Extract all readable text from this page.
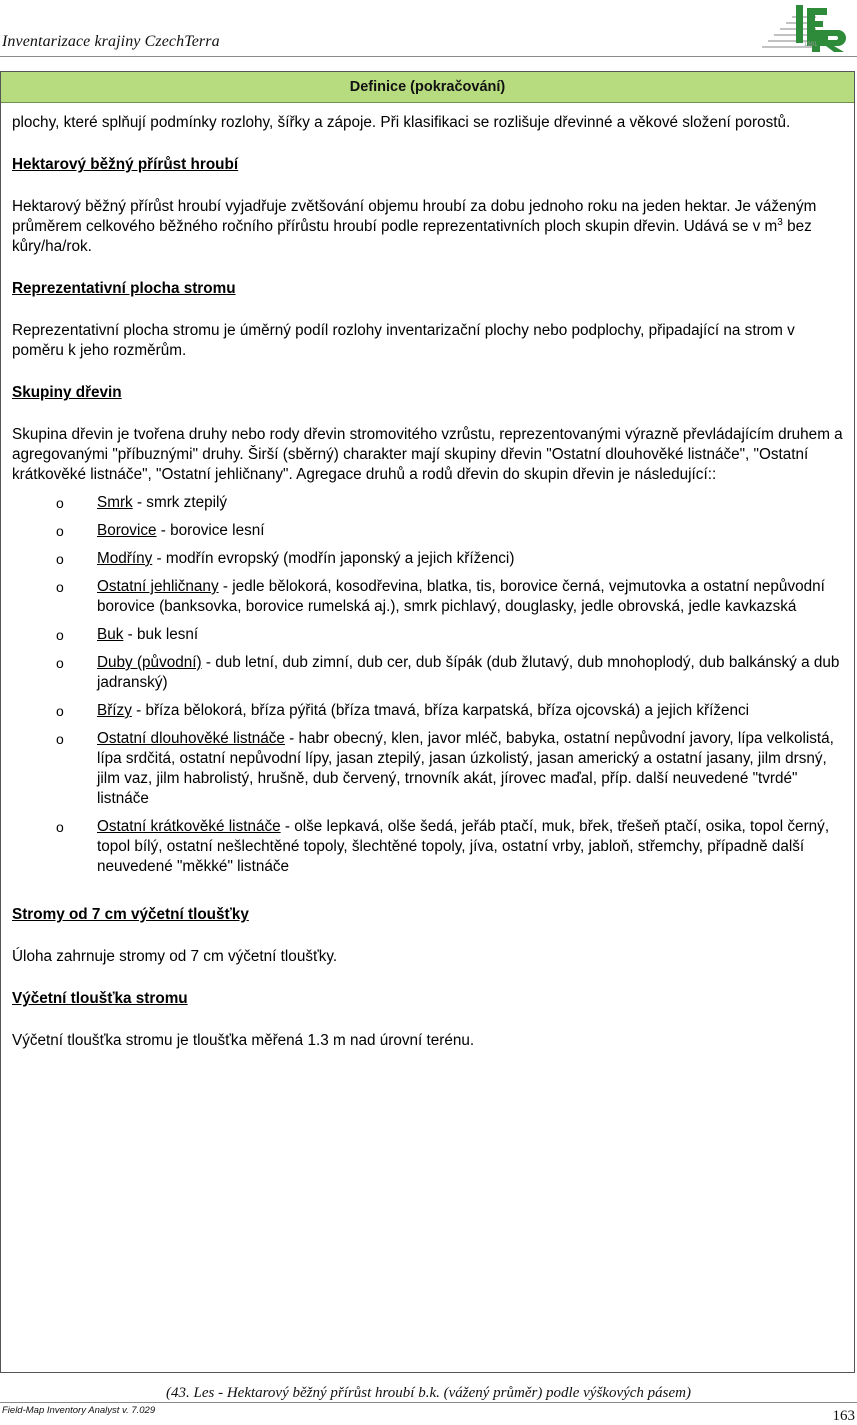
Inventarizace krajiny CzechTerra	1991
Definice (pokračování)

plochy, které splňují podmínky rozlohy, šířky a zápoje. Při klasifikaci se rozlišuje dřevinné a věkové složení porostů.

Hektarový běžný přírůst hroubí

Hektarový běžný přírůst hroubí vyjadřuje zvětšování objemu hroubí za dobu jednoho roku na jeden hektar. Je váženým průměrem celkového běžného ročního přírůstu hroubí podle reprezentativních ploch skupin dřevin. Udává se v $m^3$ bez kůry/ha/rok.

Reprezentativní plocha stromu

Reprezentativní plocha stromu je úměrný podíl rozlohy inventarizační plochy nebo podplochy, připadající na strom v poměru k jeho rozměrům.

Skupiny dřevin

Skupina dřevin je tvořena druhy nebo rody dřevin stromovitého vzrůstu, reprezentovanými výrazně převládajícím druhem a agregovanými "příbuznými" druhy. Širší (sběrný) charakter mají skupiny dřevin "Ostatní dlouhověké listnáče", "Ostatní krátkověké listnáče", "Ostatní jehličnany". Agregace druhů a rodů dřevin do skupin dřevin je následující::

o Smrk - smrk ztepilý
o Borovice - borovice lesní
o Modříny - modřín evropský (modřín japonský a jejich kříženci)
o Ostatní jehličnany - jedle bělokorá, kosodřevina, blatka, tis, borovice černá, vejmutovka a ostatní nepůvodní borovice (banksovka, borovice rumelská aj.), smrk pichlavý, douglasky, jedle obrovská, jedle kavkazská
o Buk - buk lesní
o Duby (původní) - dub letní, dub zimní, dub cer, dub šípák (dub žlutavý, dub mnohoplodý, dub balkánský a dub jadranský)
o Břízy - bříza bělokorá, bříza pýřitá (bříza tmavá, bříza karpatská, bříza ojcovská) a jejich kříženci
o Ostatní dlouhověké listnáče - habr obecný, klen, javor mléč, babyka, ostatní nepůvodní javory, lípa velkolistá, lípa srdčitá, ostatní nepůvodní lípy, jasan ztepilý, jasan úzkolistý, jasan americký a ostatní jasany, jilm drsný, jilm vaz, jilm habrolistý, hrušně, dub červený, trnovník akát, jírovec maďal, příp. další neuvedené "tvrdé" listnáče
o Ostatní krátkověké listnáče - olše lepkavá, olše šedá, jeřáb ptačí, muk, břek, třešeň ptačí, osika, topol černý, topol bílý, ostatní nešlechtěné topoly, šlechtěné topoly, jíva, ostatní vrby, jabloň, střemchy, případně další neuvedené "měkké" listnáče

Stromy od 7 cm výčetní tloušťky

Úloha zahrnuje stromy od 7 cm výčetní tloušťky.

Výčetní tloušťka stromu

Výčetní tloušťka stromu je tloušťka měřená 1.3 m nad úrovní terénu.

(43. Les - Hektarový běžný přírůst hroubí b.k. (vážený průměr) podle výškových pásem)
Field-Map Inventory Analyst v. 7.029	163
